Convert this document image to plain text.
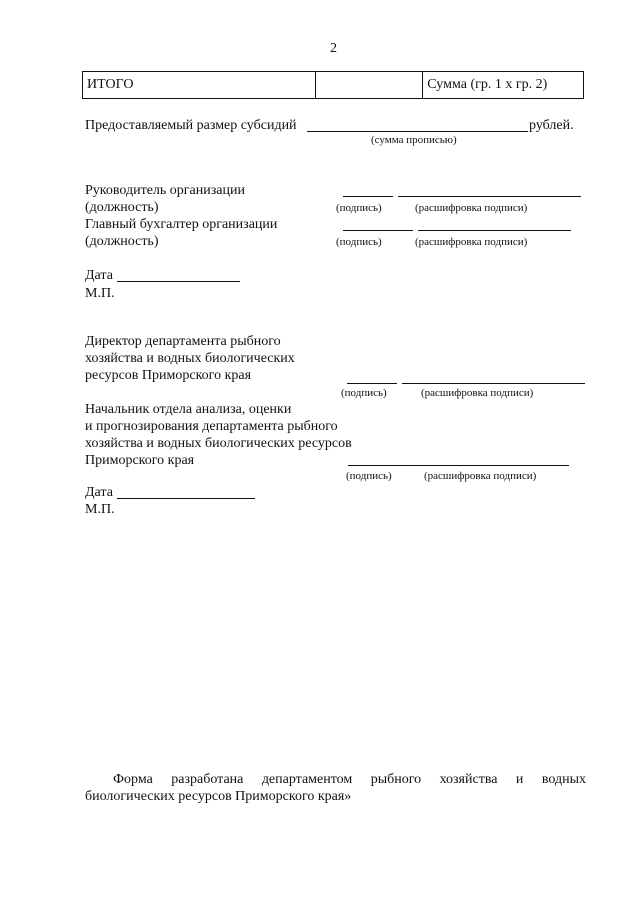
2
ИТОГО		Сумма (гр. 1 х гр. 2)
Предоставляемый размер субсидий	рублей.
(сумма прописью)
Руководитель организации
(должность)	(подпись)	(расшифровка подписи)
Главный бухгалтер организации
(должность)	(подпись)	(расшифровка подписи)
Дата
М.П.
Директор департамента рыбного
хозяйства и водных биологических
ресурсов Приморского края
(подпись)	(расшифровка подписи)
Начальник отдела анализа, оценки
и прогнозирования департамента рыбного
хозяйства и водных биологических ресурсов
Приморского края
(подпись)	(расшифровка подписи)
Дата
М.П.
Форма разработана департаментом рыбного хозяйства и водных
биологических ресурсов Приморского края»
